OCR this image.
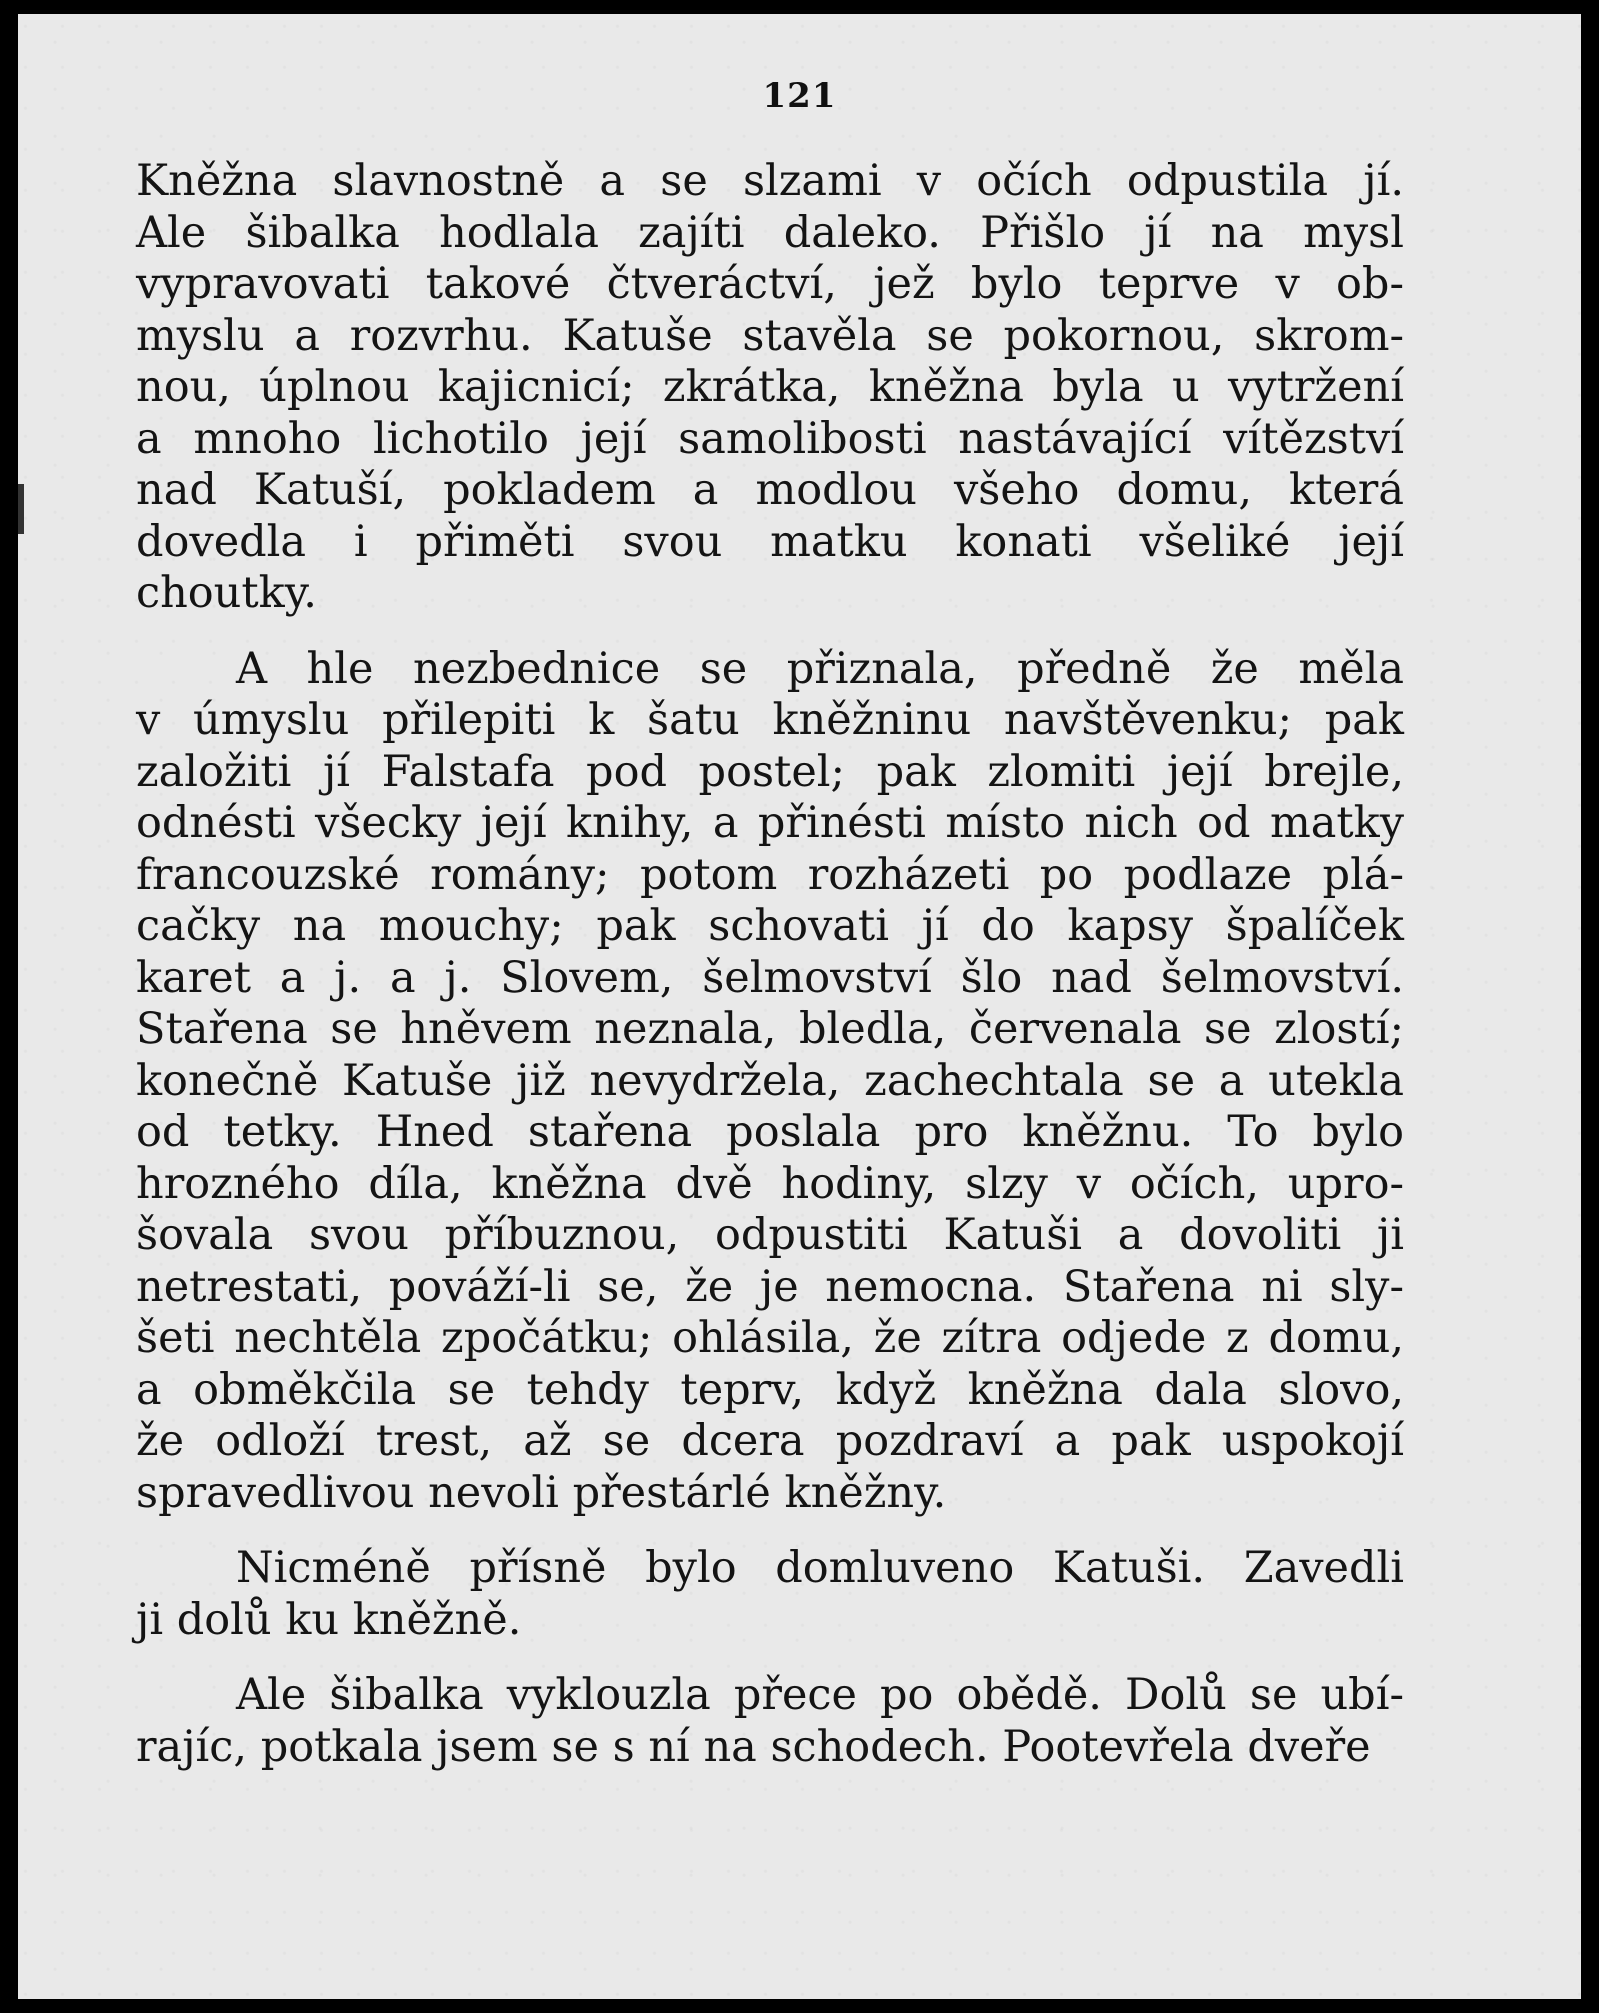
121
Kněžna slavnostně a se slzami v očích odpustila jí.
Ale šibalka hodlala zajíti daleko. Přišlo jí na mysl
vypravovati takové čtveráctví, jež bylo teprve v ob-
myslu a rozvrhu. Katuše stavěla se pokornou, skrom-
nou, úplnou kajicnicí; zkrátka, kněžna byla u vytržení
a mnoho lichotilo její samolibosti nastávající vítězství
nad Katuší, pokladem a modlou všeho domu, která
dovedla i přiměti svou matku konati všeliké její
choutky.
A hle nezbednice se přiznala, předně že měla
v úmyslu přilepiti k šatu kněžninu navštěvenku; pak
založiti jí Falstafa pod postel; pak zlomiti její brejle,
odnésti všecky její knihy, a přinésti místo nich od matky
francouzské romány; potom rozházeti po podlaze plá-
cačky na mouchy; pak schovati jí do kapsy špalíček
karet a j. a j. Slovem, šelmovství šlo nad šelmovství.
Stařena se hněvem neznala, bledla, červenala se zlostí;
konečně Katuše již nevydržela, zachechtala se a utekla
od tetky. Hned stařena poslala pro kněžnu. To bylo
hrozného díla, kněžna dvě hodiny, slzy v očích, upro-
šovala svou příbuznou, odpustiti Katuši a dovoliti ji
netrestati, pováží-li se, že je nemocna. Stařena ni sly-
šeti nechtěla zpočátku; ohlásila, že zítra odjede z domu,
a obměkčila se tehdy teprv, když kněžna dala slovo,
že odloží trest, až se dcera pozdraví a pak uspokojí
spravedlivou nevoli přestárlé kněžny.
Nicméně přísně bylo domluveno Katuši. Zavedli
ji dolů ku kněžně.
Ale šibalka vyklouzla přece po obědě. Dolů se ubí-
rajíc, potkala jsem se s ní na schodech. Pootevřela dveře
